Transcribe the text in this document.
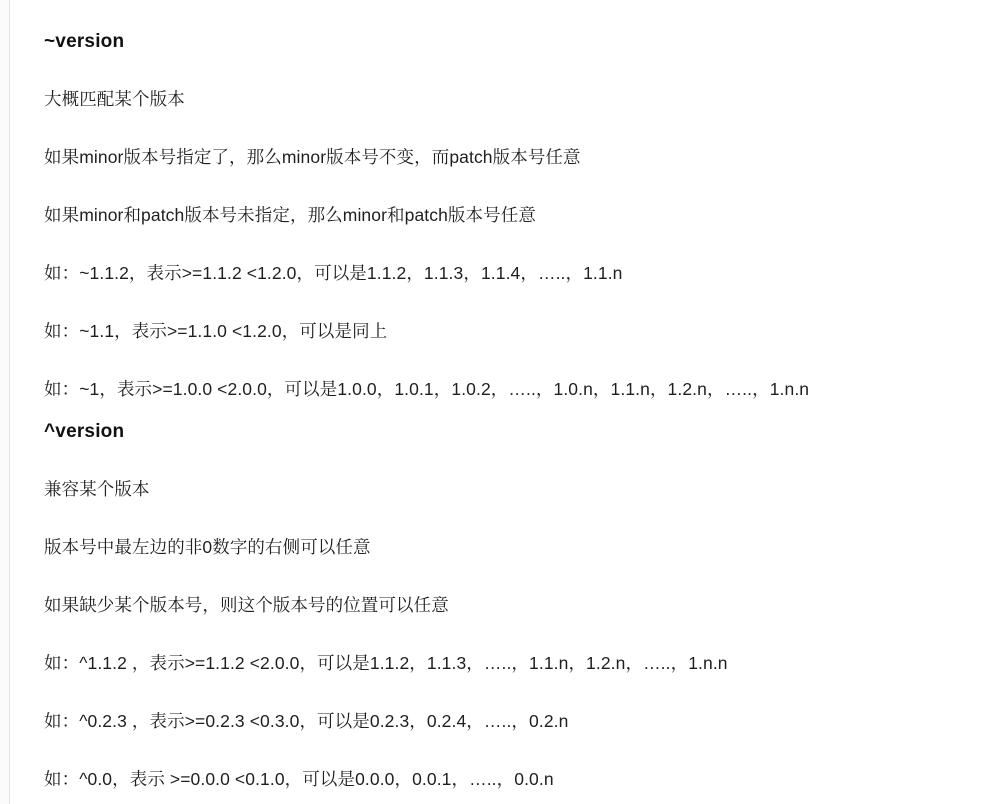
~version

大概匹配某个版本

如果minor版本号指定了，那么minor版本号不变，而patch版本号任意

如果minor和patch版本号未指定，那么minor和patch版本号任意

如：~1.1.2，表示>=1.1.2 <1.2.0，可以是1.1.2，1.1.3，1.1.4，…..，1.1.n

如：~1.1，表示>=1.1.0 <1.2.0，可以是同上

如：~1，表示>=1.0.0 <2.0.0，可以是1.0.0，1.0.1，1.0.2，…..，1.0.n，1.1.n，1.2.n，…..，1.n.n

^version

兼容某个版本

版本号中最左边的非0数字的右侧可以任意

如果缺少某个版本号，则这个版本号的位置可以任意

如：^1.1.2 ，表示>=1.1.2 <2.0.0，可以是1.1.2，1.1.3，…..，1.1.n，1.2.n，…..，1.n.n

如：^0.2.3 ，表示>=0.2.3 <0.3.0，可以是0.2.3，0.2.4，…..，0.2.n

如：^0.0，表示 >=0.0.0 <0.1.0，可以是0.0.0，0.0.1，…..，0.0.n
